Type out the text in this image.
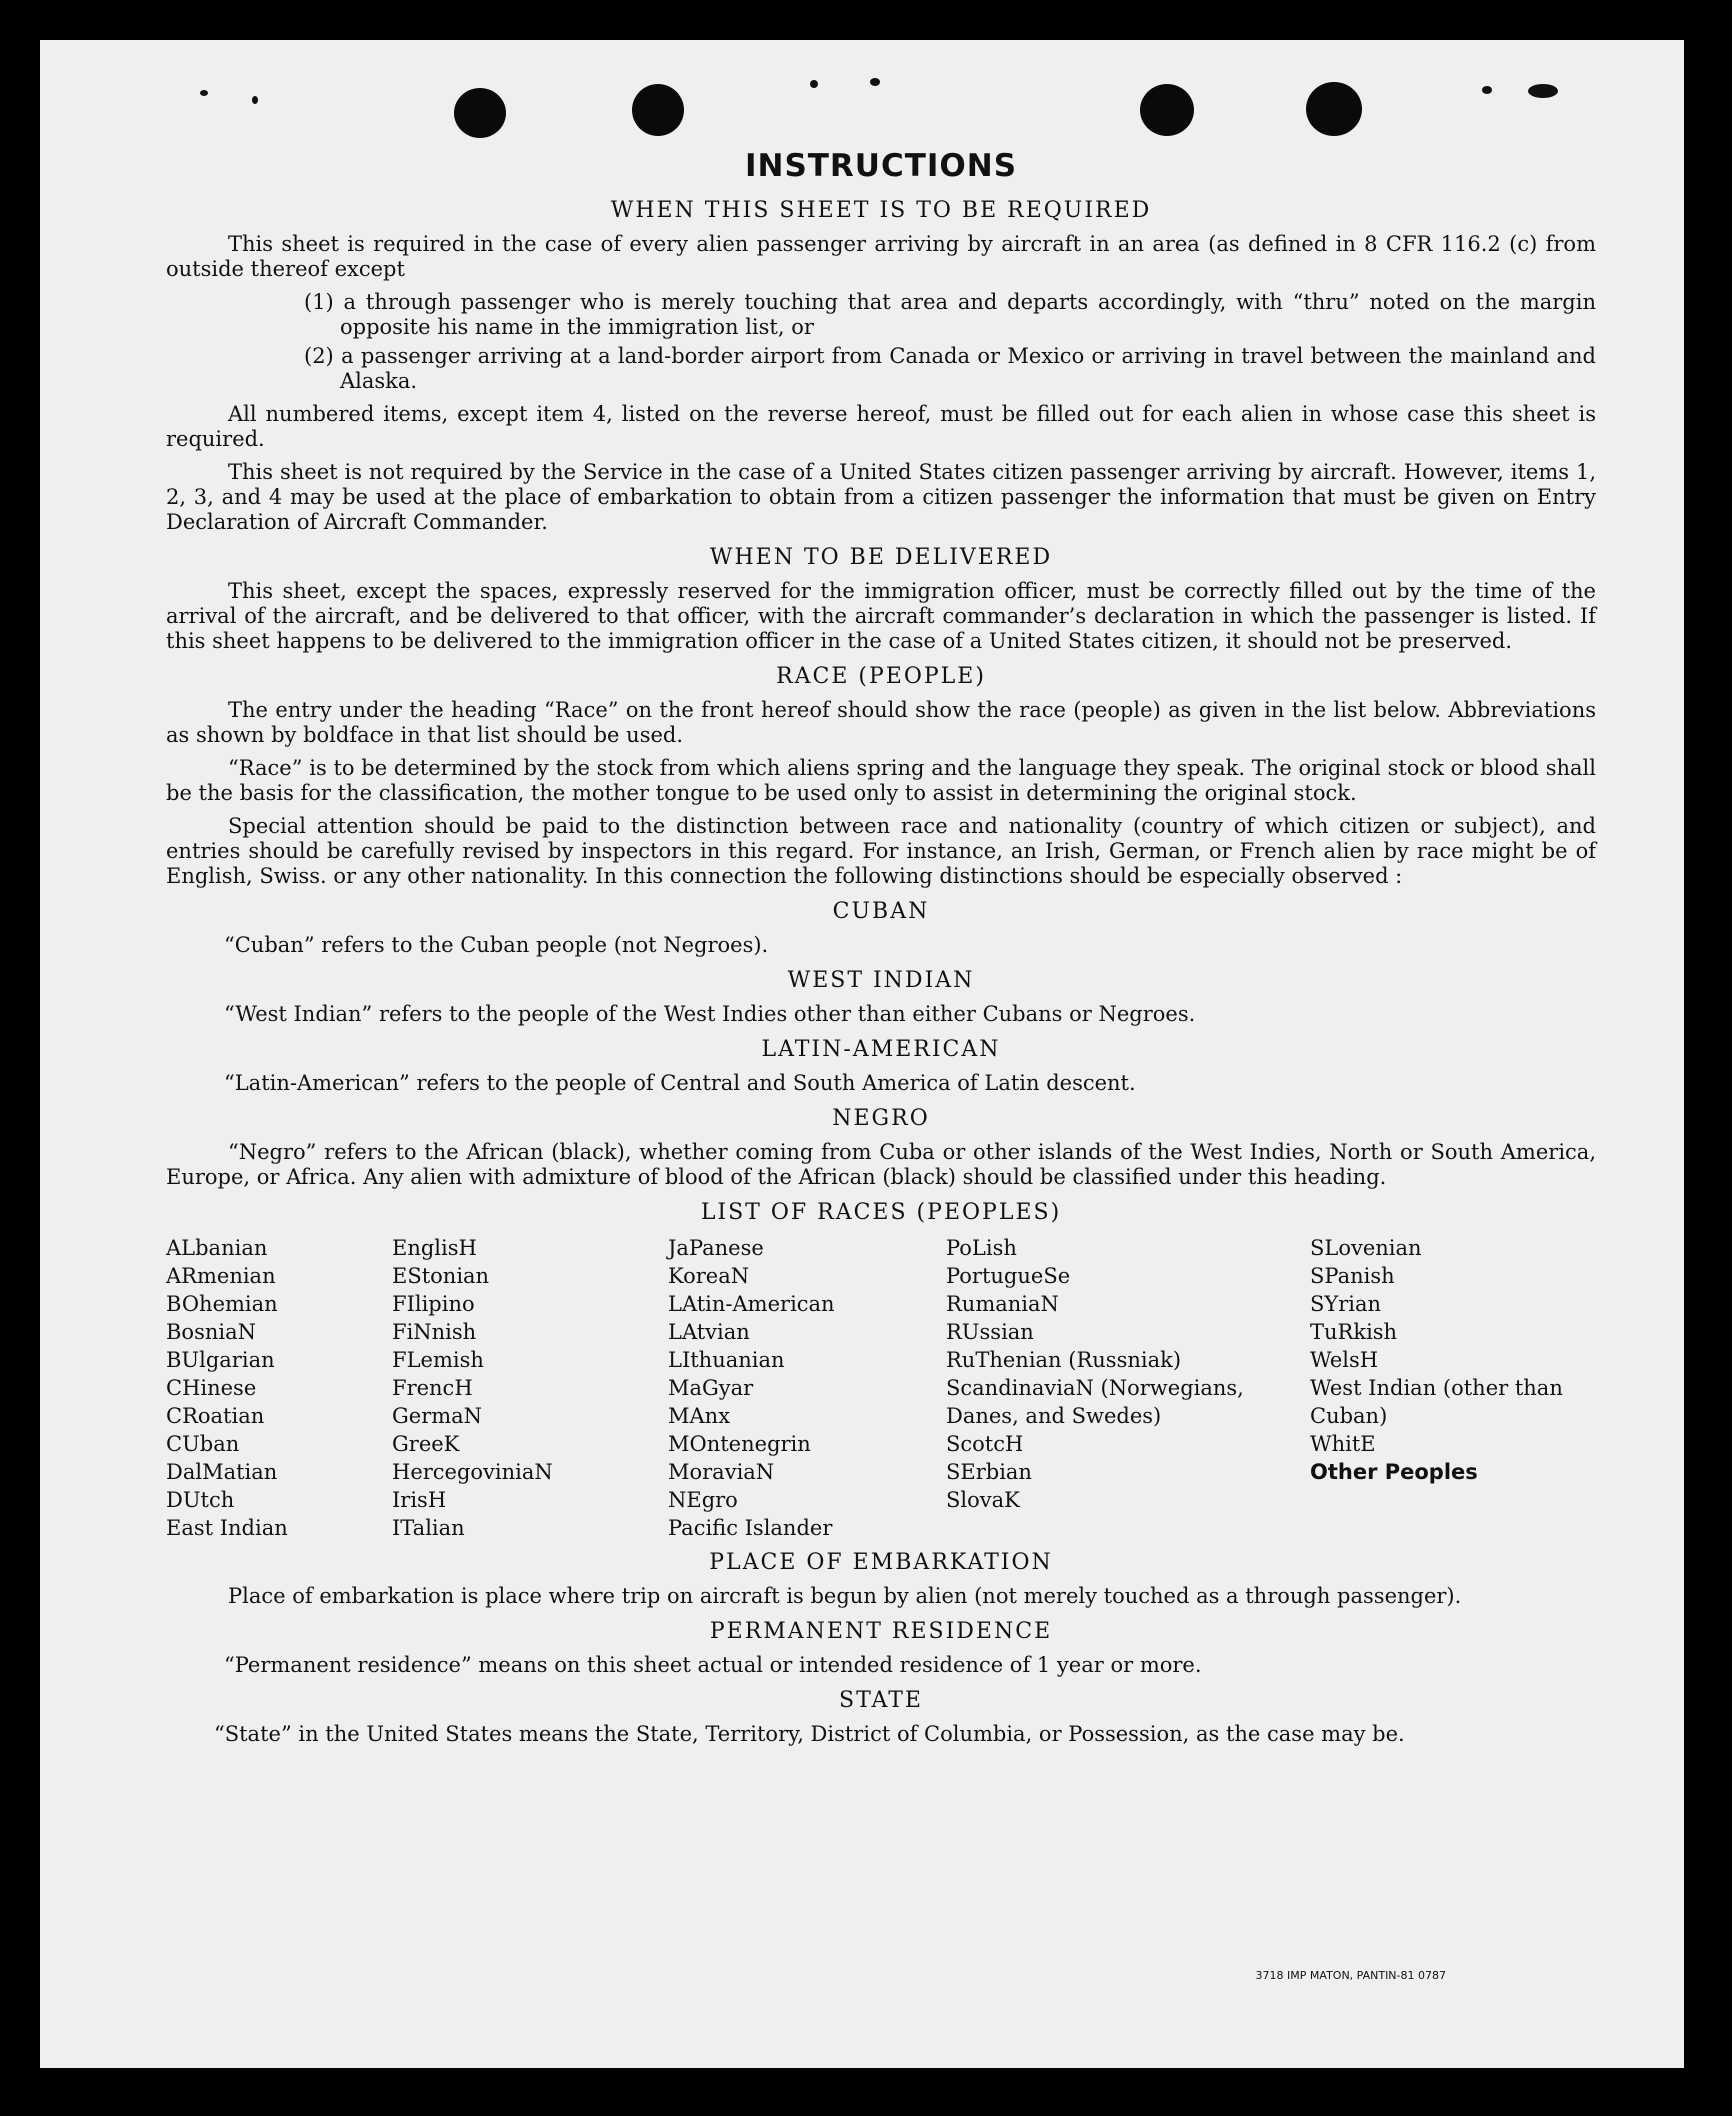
INSTRUCTIONS
WHEN THIS SHEET IS TO BE REQUIRED
This sheet is required in the case of every alien passenger arriving by aircraft in an area (as defined in 8 CFR 116.2 (c) from outside thereof except
(1) a through passenger who is merely touching that area and departs accordingly, with “thru” noted on the margin opposite his name in the immigration list, or
(2) a passenger arriving at a land-border airport from Canada or Mexico or arriving in travel between the mainland and Alaska.
All numbered items, except item 4, listed on the reverse hereof, must be filled out for each alien in whose case this sheet is required.
This sheet is not required by the Service in the case of a United States citizen passenger arriving by aircraft. However, items 1, 2, 3, and 4 may be used at the place of embarkation to obtain from a citizen passenger the information that must be given on Entry Declaration of Aircraft Commander.
WHEN TO BE DELIVERED
This sheet, except the spaces, expressly reserved for the immigration officer, must be correctly filled out by the time of the arrival of the aircraft, and be delivered to that officer, with the aircraft commander’s declaration in which the passenger is listed. If this sheet happens to be delivered to the immigration officer in the case of a United States citizen, it should not be preserved.
RACE (PEOPLE)
The entry under the heading “Race” on the front hereof should show the race (people) as given in the list below. Abbreviations as shown by boldface in that list should be used.
“Race” is to be determined by the stock from which aliens spring and the language they speak. The original stock or blood shall be the basis for the classification, the mother tongue to be used only to assist in determining the original stock.
Special attention should be paid to the distinction between race and nationality (country of which citizen or subject), and entries should be carefully revised by inspectors in this regard. For instance, an Irish, German, or French alien by race might be of English, Swiss. or any other nationality. In this connection the following distinctions should be especially observed :
CUBAN
“Cuban” refers to the Cuban people (not Negroes).
WEST INDIAN
“West Indian” refers to the people of the West Indies other than either Cubans or Negroes.
LATIN-AMERICAN
“Latin-American” refers to the people of Central and South America of Latin descent.
NEGRO
“Negro” refers to the African (black), whether coming from Cuba or other islands of the West Indies, North or South America, Europe, or Africa. Any alien with admixture of blood of the African (black) should be classified under this heading.
LIST OF RACES (PEOPLES)
ALbanian
ARmenian
BOhemian
BosniaN
BUlgarian
CHinese
CRoatian
CUban
DalMatian
DUtch
East Indian
EnglisH
EStonian
FIlipino
FiNnish
FLemish
FrencH
GermaN
GreeK
HercegoviniaN
IrisH
ITalian
JaPanese
KoreaN
LAtin-American
LAtvian
LIthuanian
MaGyar
MAnx
MOntenegrin
MoraviaN
NEgro
Pacific Islander
PoLish
PortugueSe
RumaniaN
RUssian
RuThenian (Russniak)
ScandinaviaN (Norwegians, Danes, and Swedes)
ScotcH
SErbian
SlovaK
SLovenian
SPanish
SYrian
TuRkish
WelsH
West Indian (other than Cuban)
WhitE
Other Peoples
PLACE OF EMBARKATION
Place of embarkation is place where trip on aircraft is begun by alien (not merely touched as a through passenger).
PERMANENT RESIDENCE
“Permanent residence” means on this sheet actual or intended residence of 1 year or more.
STATE
“State” in the United States means the State, Territory, District of Columbia, or Possession, as the case may be.
3718 IMP MATON, PANTIN-81 0787
